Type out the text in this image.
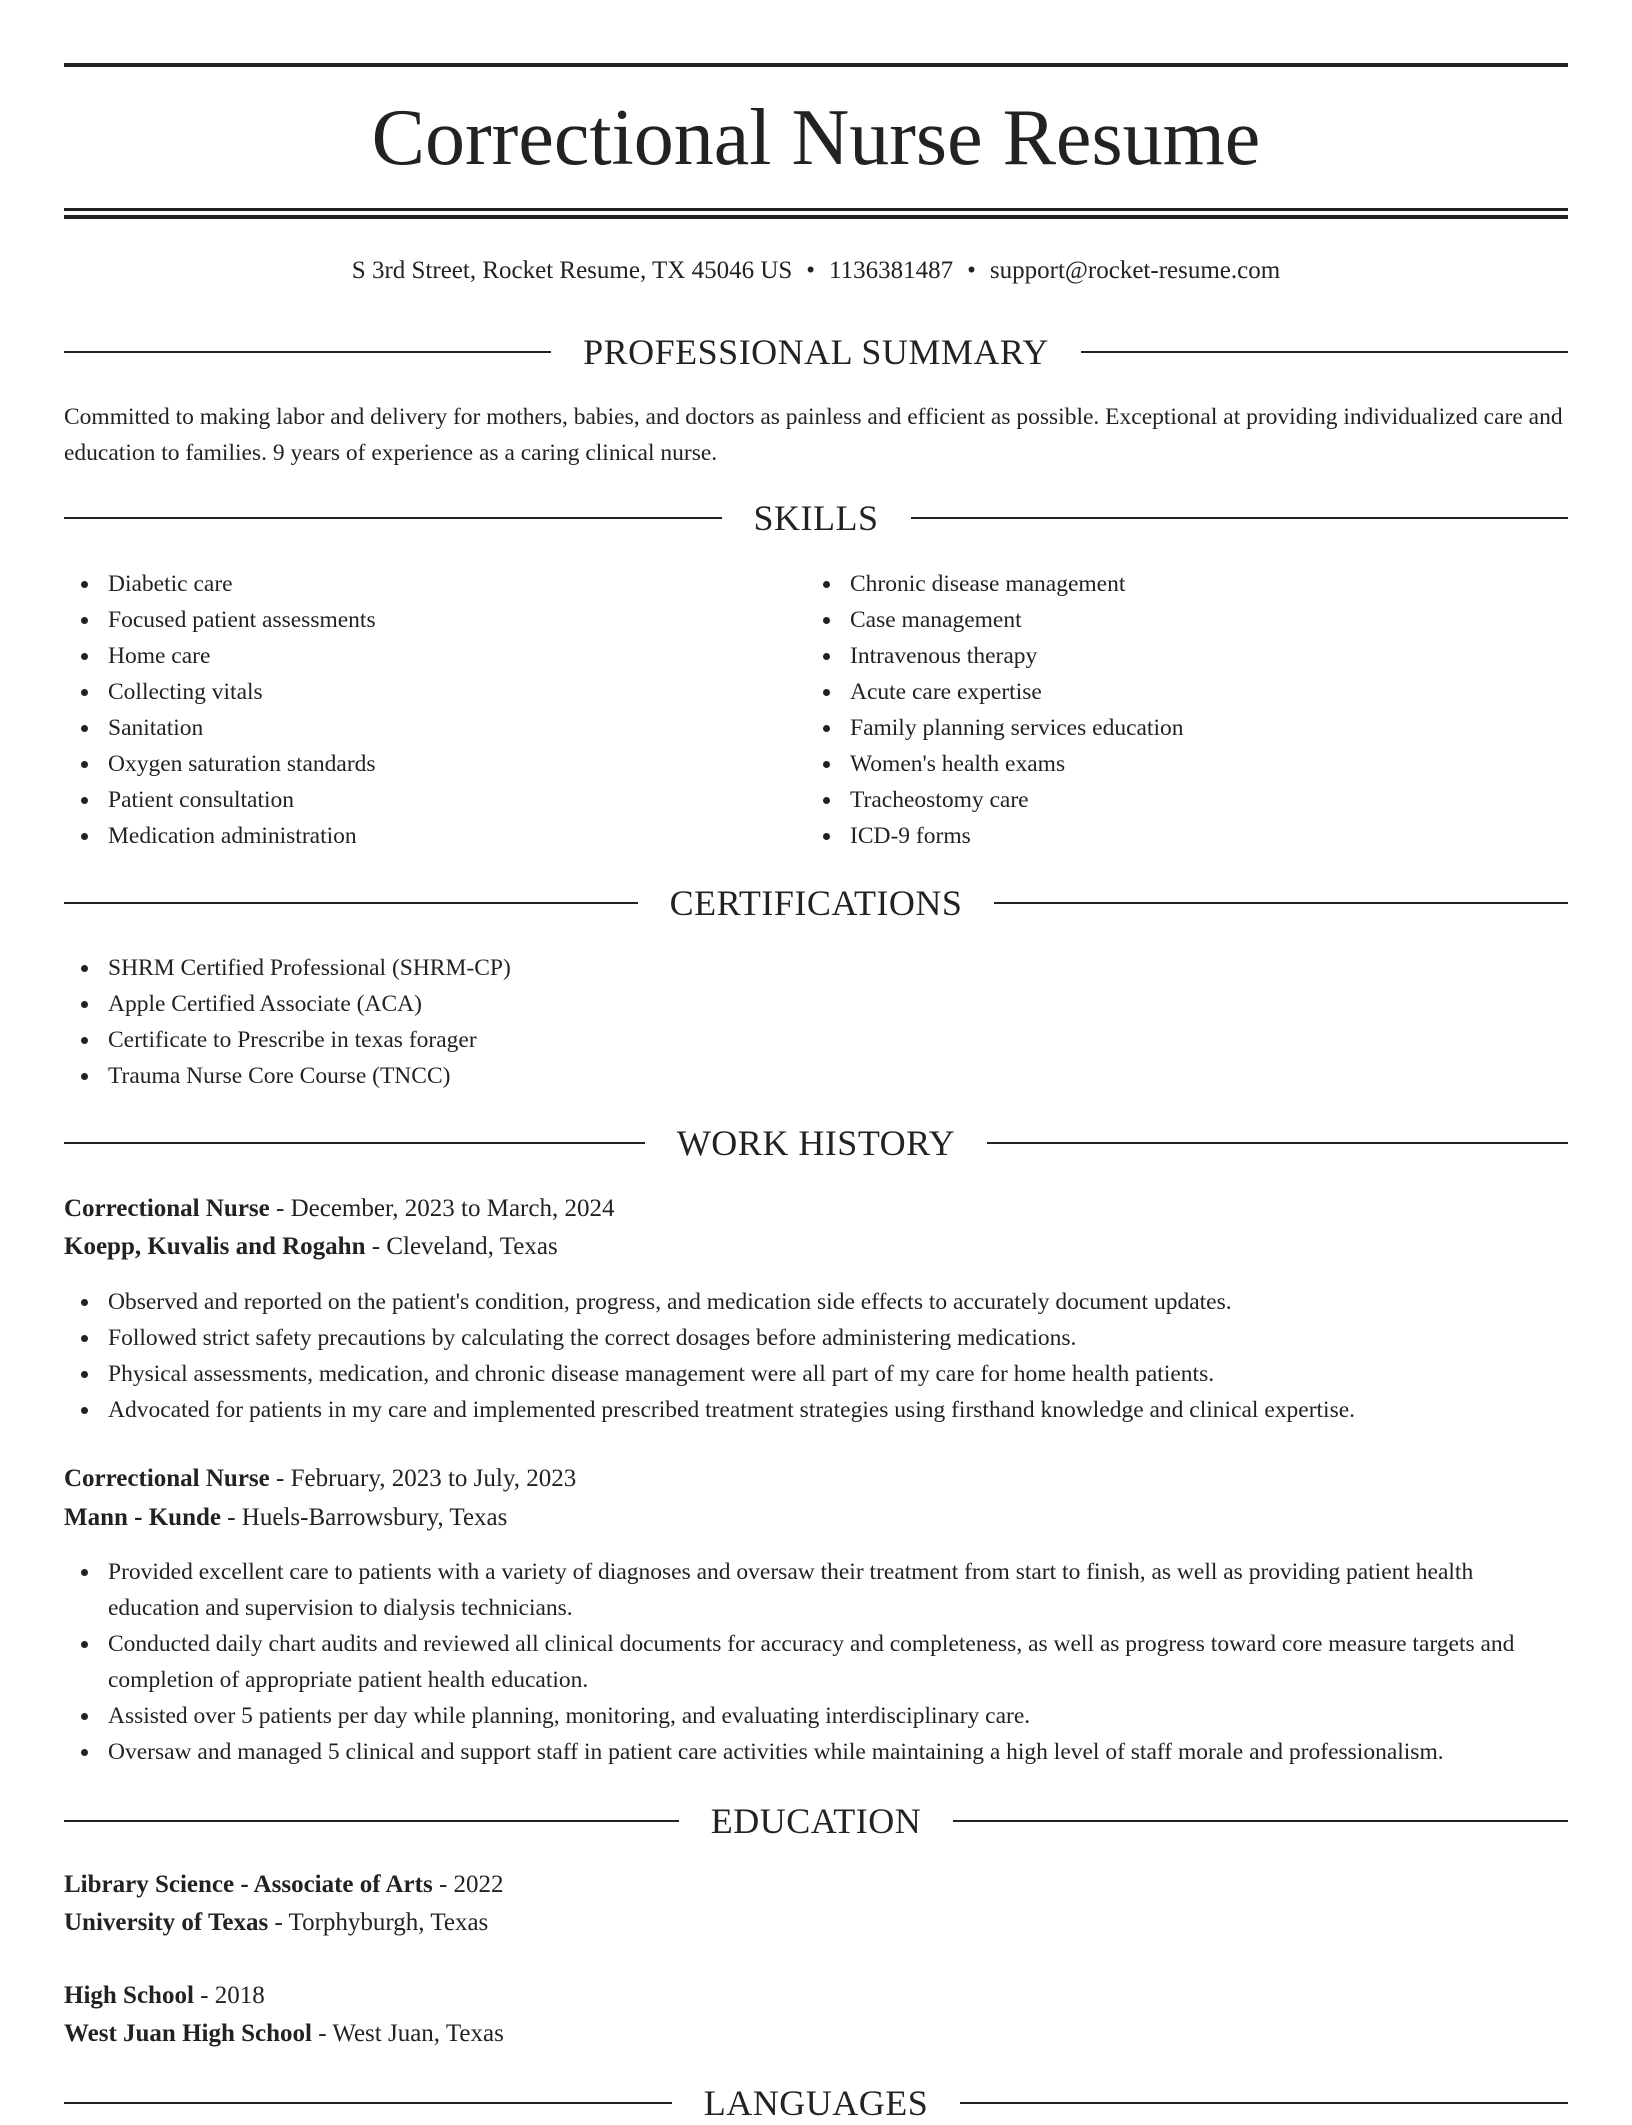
Correctional Nurse Resume
S 3rd Street, Rocket Resume, TX 45046 US • 1136381487 • support@rocket-resume.com
PROFESSIONAL SUMMARY

Committed to making labor and delivery for mothers, babies, and doctors as painless and efficient as possible. Exceptional at providing individualized care and education to families. 9 years of experience as a caring clinical nurse.

SKILLS
Diabetic care
Focused patient assessments
Home care
Collecting vitals
Sanitation
Oxygen saturation standards
Patient consultation
Medication administration
Chronic disease management
Case management
Intravenous therapy
Acute care expertise
Family planning services education
Women's health exams
Tracheostomy care
ICD-9 forms
CERTIFICATIONS
SHRM Certified Professional (SHRM-CP)
Apple Certified Associate (ACA)
Certificate to Prescribe in texas forager
Trauma Nurse Core Course (TNCC)
WORK HISTORY
Correctional Nurse - December, 2023 to March, 2024
Koepp, Kuvalis and Rogahn - Cleveland, Texas
Observed and reported on the patient's condition, progress, and medication side effects to accurately document updates.
Followed strict safety precautions by calculating the correct dosages before administering medications.
Physical assessments, medication, and chronic disease management were all part of my care for home health patients.
Advocated for patients in my care and implemented prescribed treatment strategies using firsthand knowledge and clinical expertise.
Correctional Nurse - February, 2023 to July, 2023
Mann - Kunde - Huels-Barrowsbury, Texas
Provided excellent care to patients with a variety of diagnoses and oversaw their treatment from start to finish, as well as providing patient health education and supervision to dialysis technicians.
Conducted daily chart audits and reviewed all clinical documents for accuracy and completeness, as well as progress toward core measure targets and completion of appropriate patient health education.
Assisted over 5 patients per day while planning, monitoring, and evaluating interdisciplinary care.
Oversaw and managed 5 clinical and support staff in patient care activities while maintaining a high level of staff morale and professionalism.
EDUCATION
Library Science - Associate of Arts - 2022
University of Texas - Torphyburgh, Texas
High School - 2018
West Juan High School - West Juan, Texas
LANGUAGES
